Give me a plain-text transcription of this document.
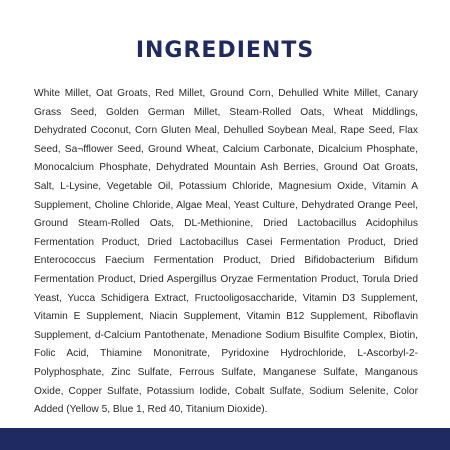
INGREDIENTS

White Millet, Oat Groats, Red Millet, Ground Corn, Dehulled White Millet, Canary Grass Seed, Golden German Millet, Steam-Rolled Oats, Wheat Middlings, Dehydrated Coconut, Corn Gluten Meal, Dehulled Soybean Meal, Rape Seed, Flax Seed, Sa¬fflower Seed, Ground Wheat, Calcium Carbonate, Dicalcium Phosphate, Monocalcium Phosphate, Dehydrated Mountain Ash Berries, Ground Oat Groats, Salt, L-Lysine, Vegetable Oil, Potassium Chloride, Magnesium Oxide, Vitamin A Supplement, Choline Chloride, Algae Meal, Yeast Culture, Dehydrated Orange Peel, Ground Steam-Rolled Oats, DL-Methionine, Dried Lactobacillus Acidophilus Fermentation Product, Dried Lactobacillus Casei Fermentation Product, Dried Enterococcus Faecium Fermentation Product, Dried Bifidobacterium Bifidum Fermentation Product, Dried Aspergillus Oryzae Fermentation Product, Torula Dried Yeast, Yucca Schidigera Extract, Fructooligosaccharide, Vitamin D3 Supplement, Vitamin E Supplement, Niacin Supplement, Vitamin B12 Supplement, Riboflavin Supplement, d-Calcium Pantothenate, Menadione Sodium Bisulfite Complex, Biotin, Folic Acid, Thiamine Mononitrate, Pyridoxine Hydrochloride, L-Ascorbyl-2-Polyphosphate, Zinc Sulfate, Ferrous Sulfate, Manganese Sulfate, Manganous Oxide, Copper Sulfate, Potassium Iodide, Cobalt Sulfate, Sodium Selenite, Color Added (Yellow 5, Blue 1, Red 40, Titanium Dioxide).
